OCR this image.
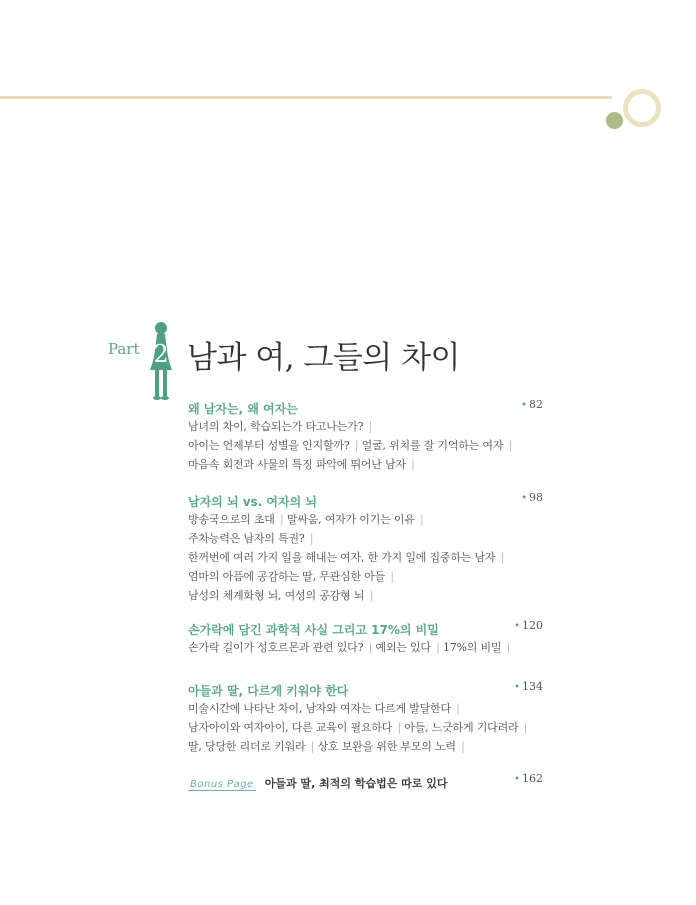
Part 2 남과 여, 그들의 차이
왜 남자는, 왜 여자는	• 82
남녀의 차이, 학습되는가 타고나는가? |
아이는 언제부터 성별을 인지할까? | 얼굴, 위치를 잘 기억하는 여자 |
마음속 회전과 사물의 특징 파악에 뛰어난 남자 |
남자의 뇌 vs. 여자의 뇌	• 98
방송국으로의 초대 | 말싸움, 여자가 이기는 이유 |
주차능력은 남자의 특권? |
한꺼번에 여러 가지 일을 해내는 여자, 한 가지 일에 집중하는 남자 |
엄마의 아픔에 공감하는 딸, 무관심한 아들 |
남성의 체계화형 뇌, 여성의 공감형 뇌 |
손가락에 담긴 과학적 사실 그리고 17%의 비밀	• 120
손가락 길이가 성호르몬과 관련 있다? | 예외는 있다 | 17%의 비밀 |
아들과 딸, 다르게 키워야 한다	• 134
미술시간에 나타난 차이, 남자와 여자는 다르게 발달한다 |
남자아이와 여자아이, 다른 교육이 필요하다 | 아들, 느긋하게 기다려라 |
딸, 당당한 리더로 키워라 | 상호 보완을 위한 부모의 노력 |
Bonus Page 아들과 딸, 최적의 학습법은 따로 있다	• 162
